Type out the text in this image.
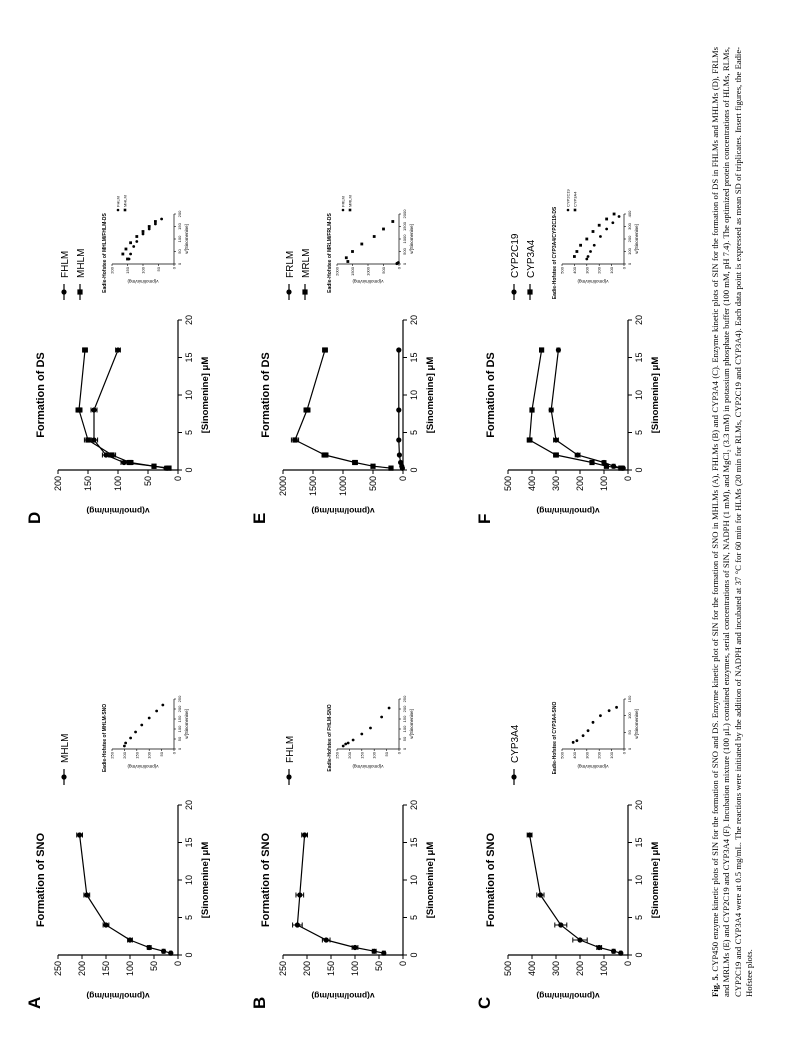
A
Formation of SNO
0
5
10
15
20
0
50
100
150
200
250
[Sinomenine] μM
v(pmol/min/mg)
MHLM	Eadie-Hofstee of MHLM-SNO	0
50
100
150
200
250
0
50
100
150
200
250
v/[Sinomenine]
v(pmol/min/mg)
B
Formation of SNO
0
5
10
15
20
0
50
100
150
200
250
[Sinomenine] μM
v(pmol/min/mg)
FHLM	Eadie-Hofstee of FHLM-SNO	0
50
100
150
200
250
0
50
100
150
200
250
v/[Sinomenine]
v(pmol/min/mg)
C
Formation of SNO
0
5
10
15
20
0
100
200
300
400
500
[Sinomenine] μM
v(pmol/min/mg)
CYP3A4	Eadie-Hofstee of CYP3A4-SNO	0
50
100
150
0
100
200
300
400
500
v/[Sinomenine]
v(pmol/min/mg)
D
Formation of DS
0
5
10
15
20
0
50
100
150
200
[Sinomenine] μM
v(pmol/min/mg)
FHLM MHLM	Eadie-Hofstee of MHLM/FHLM-DS	0
50
100
150
200
0
50
100
150
200
v/[Sinomenine]
v(pmol/min/mg)
FHLM MHLM
E
Formation of DS
0
5
10
15
20
0
500
1000
1500
2000
[Sinomenine] μM
v(pmol/min/mg)
FRLM MRLM	Eadie-Hofstee of MRLM/FRLM-DS	0
500
1000
1500
2000
0
500
1000
1500
2000
v/[Sinomenine]
v(pmol/min/mg)
FRLM MRLM
F
Formation of DS
0
5
10
15
20
0
100
200
300
400
500
[Sinomenine] μM
v(pmol/min/mg)
CYP2C19 CYP3A4	Eadie-Hofstee of CYP3A4/CYP2C19-DS	0
100
200
300
400
0
100
200
300
400
500
v/[Sinomenine]
v(pmol/min/mg)
CYP2C19 CYP3A4
Fig. 5. CYP450 enzyme kinetic plots of SIN for the formation of SNO and DS. Enzyme kinetic plot of SIN for the formation of SNO in MHLMs (A), FHLMs (B) and CYP3A4 (C). Enzyme kinetic plots of SIN for the formation of DS in FHLMs and MHLMs (D), FRLMs and MRLMs (E) and CYP2C19 and CYP3A4 (F). Incubation mixture (100 μL) contained enzymes, serial concentrations of SIN, NADPH (1 mM), and MgCl₂ (3.3 mM) in potassium phosphate buffer (100 mM, pH 7.4). The optimized protein concentrations of HLMs, RLMs, CYP2C19 and CYP3A4 were at 0.5 mg/mL. The reactions were initiated by the addition of NADPH and incubated at 37 °C for 60 min for HLMs (20 min for RLMs, CYP2C19 and CYP3A4). Each data point is expressed as mean SD of triplicates. Insert figures, the Eadie-Hofstee plots.
